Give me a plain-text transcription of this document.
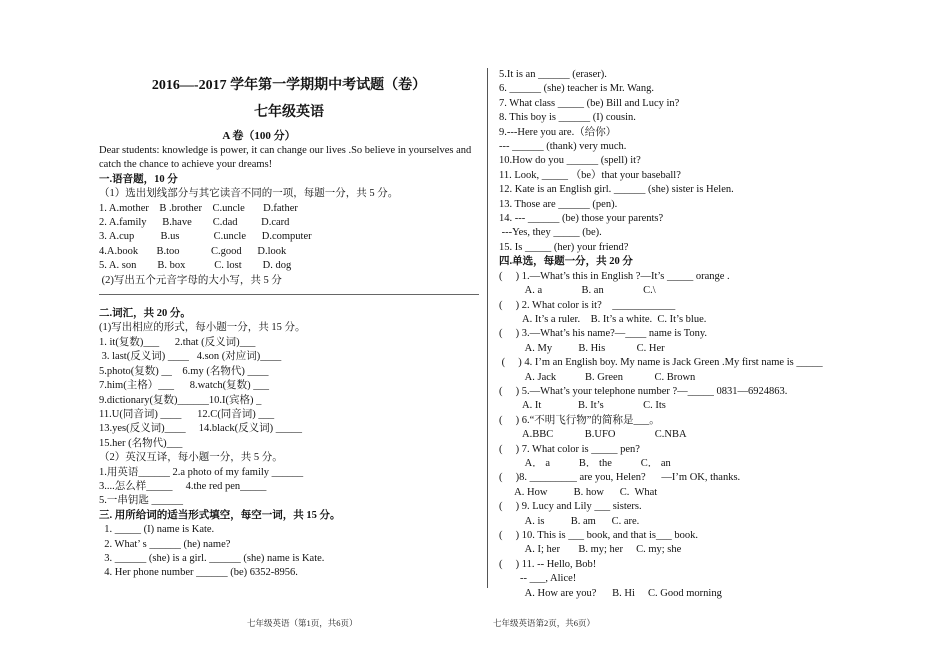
2016—-2017 学年第一学期期中考试题（卷）
七年级英语
A 卷（100 分）
Dear students: knowledge is power, it can change our lives .So believe in yourselves and catch the chance to achieve your dreams!
一.语音题，10 分
（1）选出划线部分与其它读音不同的一项，每题一分，共 5 分。
1. A.mother    B .brother    C.uncle       D.father
2. A.family      B.have        C.dad         D.card
3. A.cup          B.us             C.uncle      D.computer
4.A.book       B.too            C.good      D.look
5. A. son        B. box           C. lost        D. dog
(2)写出五个元音字母的大小写，共 5 分
二.词汇，共 20 分。
(1)写出相应的形式，每小题一分，共 15 分。
1. it(复数)___      2.that (反义词)___
3. last(反义词) ____   4.son (对应词)____
5.photo(复数) __    6.my (名物代) ____
7.him(主格）___      8.watch(复数) ___
9.dictionary(复数)______10.I(宾格) _
11.U(同音词) ____      12.C(同音词) ___
13.yes(反义词)____     14.black(反义词) _____
15.her (名物代)___
（2）英汉互译，每小题一分，共 5 分。
1.用英语______ 2.a photo of my family ______
3....怎么样_____     4.the red pen_____
5.一串钥匙 ______
三. 用所给词的适当形式填空，每空一词，共 15 分。
1. _____ (I) name is Kate.
2. What’ s ______ (he) name?
3. ______ (she) is a girl. ______ (she) name is Kate.
4. Her phone number ______ (be) 6352-8956.
5.It is an ______ (eraser).
6. ______ (she) teacher is Mr. Wang.
7. What class _____ (be) Bill and Lucy in?
8. This boy is ______ (I) cousin.
9.---Here you are.（给你）
--- ______ (thank) very much.
10.How do you ______ (spell) it?
11. Look, _____ （be）that your baseball?
12. Kate is an English girl. ______ (she) sister is Helen.
13. Those are ______ (pen).
14. --- ______ (be) those your parents?
---Yes, they _____ (be).
15. Is _____ (her) your friend?
四.单选，每题一分，共 20 分
(     ) 1.—What’s this in English ?—It’s _____ orange .
A. a               B. an               C.\
(     ) 2. What color is it?    ____________
A. It’s a ruler.    B. It’s a white.  C. It’s blue.
(     ) 3.—What’s his name?—____ name is Tony.
A. My          B. His            C. Her
(     ) 4. I’m an English boy. My name is Jack Green .My first name is _____
A. Jack           B. Green            C. Brown
(     ) 5.—What’s your telephone number ?—_____ 0831—6924863.
A. It              B. It’s               C. Its
(     ) 6.“不明飞行物”的简称是___。
A.BBC            B.UFO               C.NBA
(     ) 7. What color is _____ pen?
A． a           B． the           C． an
(     )8. _________ are you, Helen?      —I’m OK, thanks.
A. How          B. how      C.  What
(     ) 9. Lucy and Lily ___ sisters.
A. is          B. am      C. are.
(     ) 10. This is ___ book, and that is___ book.
A. I; her       B. my; her     C. my; she
(     ) 11. -- Hello, Bob!
-- ___, Alice!
A. How are you?      B. Hi     C. Good morning
七年级英语（第1页，共6页）	七年级英语第2页，共6页）
